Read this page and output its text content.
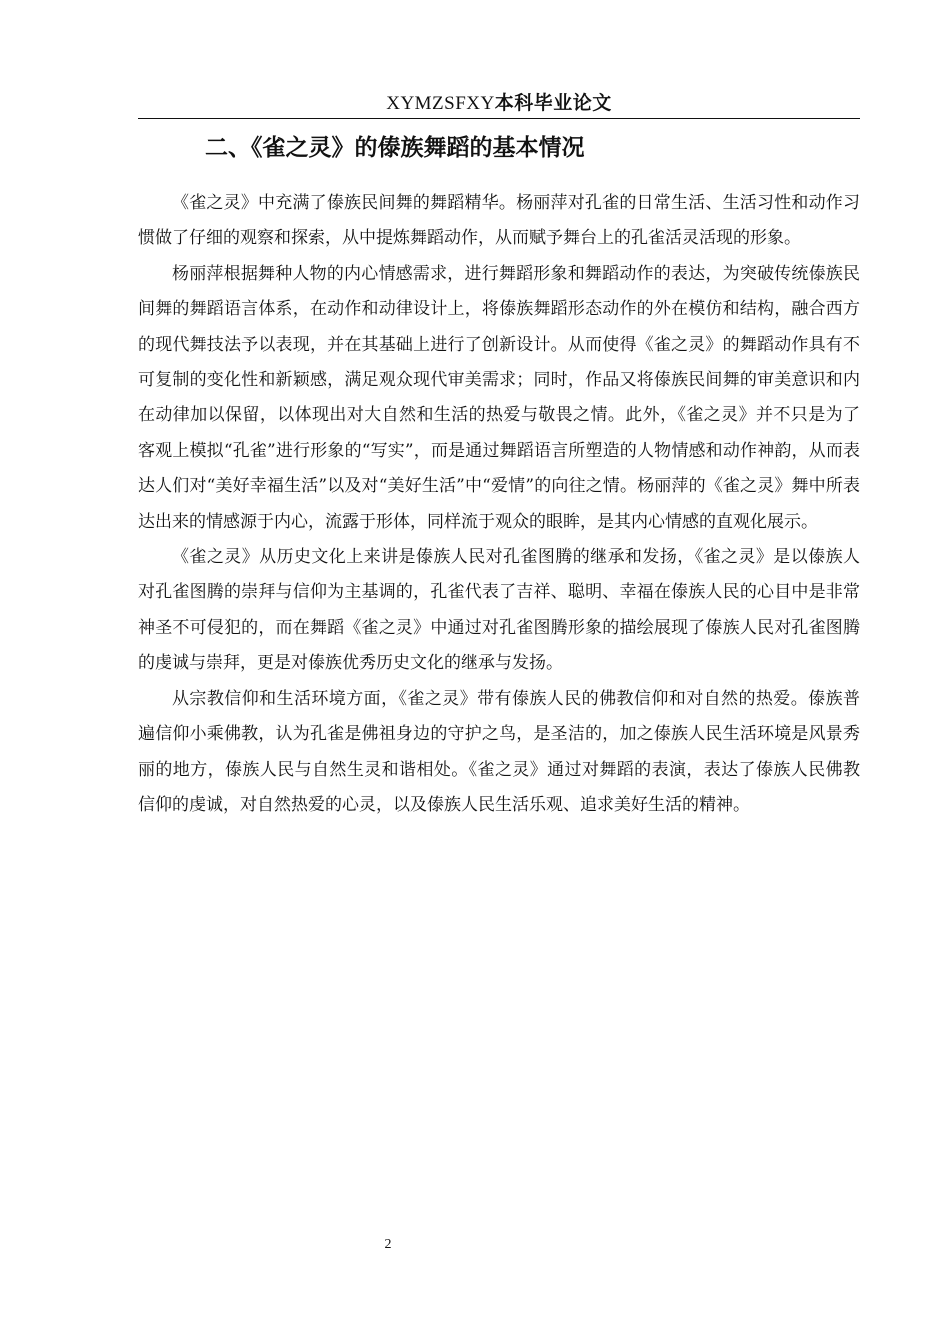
XYMZSFXY本科毕业论文
二、《雀之灵》的傣族舞蹈的基本情况

《雀之灵》中充满了傣族民间舞的舞蹈精华。杨丽萍对孔雀的日常生活、生活习性和动作习惯做了仔细的观察和探索，从中提炼舞蹈动作，从而赋予舞台上的孔雀活灵活现的形象。

杨丽萍根据舞种人物的内心情感需求，进行舞蹈形象和舞蹈动作的表达，为突破传统傣族民间舞的舞蹈语言体系，在动作和动律设计上，将傣族舞蹈形态动作的外在模仿和结构，融合西方的现代舞技法予以表现，并在其基础上进行了创新设计。从而使得《雀之灵》的舞蹈动作具有不可复制的变化性和新颖感，满足观众现代审美需求；同时，作品又将傣族民间舞的审美意识和内在动律加以保留，以体现出对大自然和生活的热爱与敬畏之情。此外，《雀之灵》并不只是为了客观上模拟“孔雀”进行形象的“写实”，而是通过舞蹈语言所塑造的人物情感和动作神韵，从而表达人们对“美好幸福生活”以及对“美好生活”中“爱情”的向往之情。杨丽萍的《雀之灵》舞中所表达出来的情感源于内心，流露于形体，同样流于观众的眼眸，是其内心情感的直观化展示。

《雀之灵》从历史文化上来讲是傣族人民对孔雀图腾的继承和发扬，《雀之灵》是以傣族人对孔雀图腾的崇拜与信仰为主基调的，孔雀代表了吉祥、聪明、幸福在傣族人民的心目中是非常神圣不可侵犯的，而在舞蹈《雀之灵》中通过对孔雀图腾形象的描绘展现了傣族人民对孔雀图腾的虔诚与崇拜，更是对傣族优秀历史文化的继承与发扬。

从宗教信仰和生活环境方面，《雀之灵》带有傣族人民的佛教信仰和对自然的热爱。傣族普遍信仰小乘佛教，认为孔雀是佛祖身边的守护之鸟，是圣洁的，加之傣族人民生活环境是风景秀丽的地方，傣族人民与自然生灵和谐相处。《雀之灵》通过对舞蹈的表演，表达了傣族人民佛教信仰的虔诚，对自然热爱的心灵，以及傣族人民生活乐观、追求美好生活的精神。

2
